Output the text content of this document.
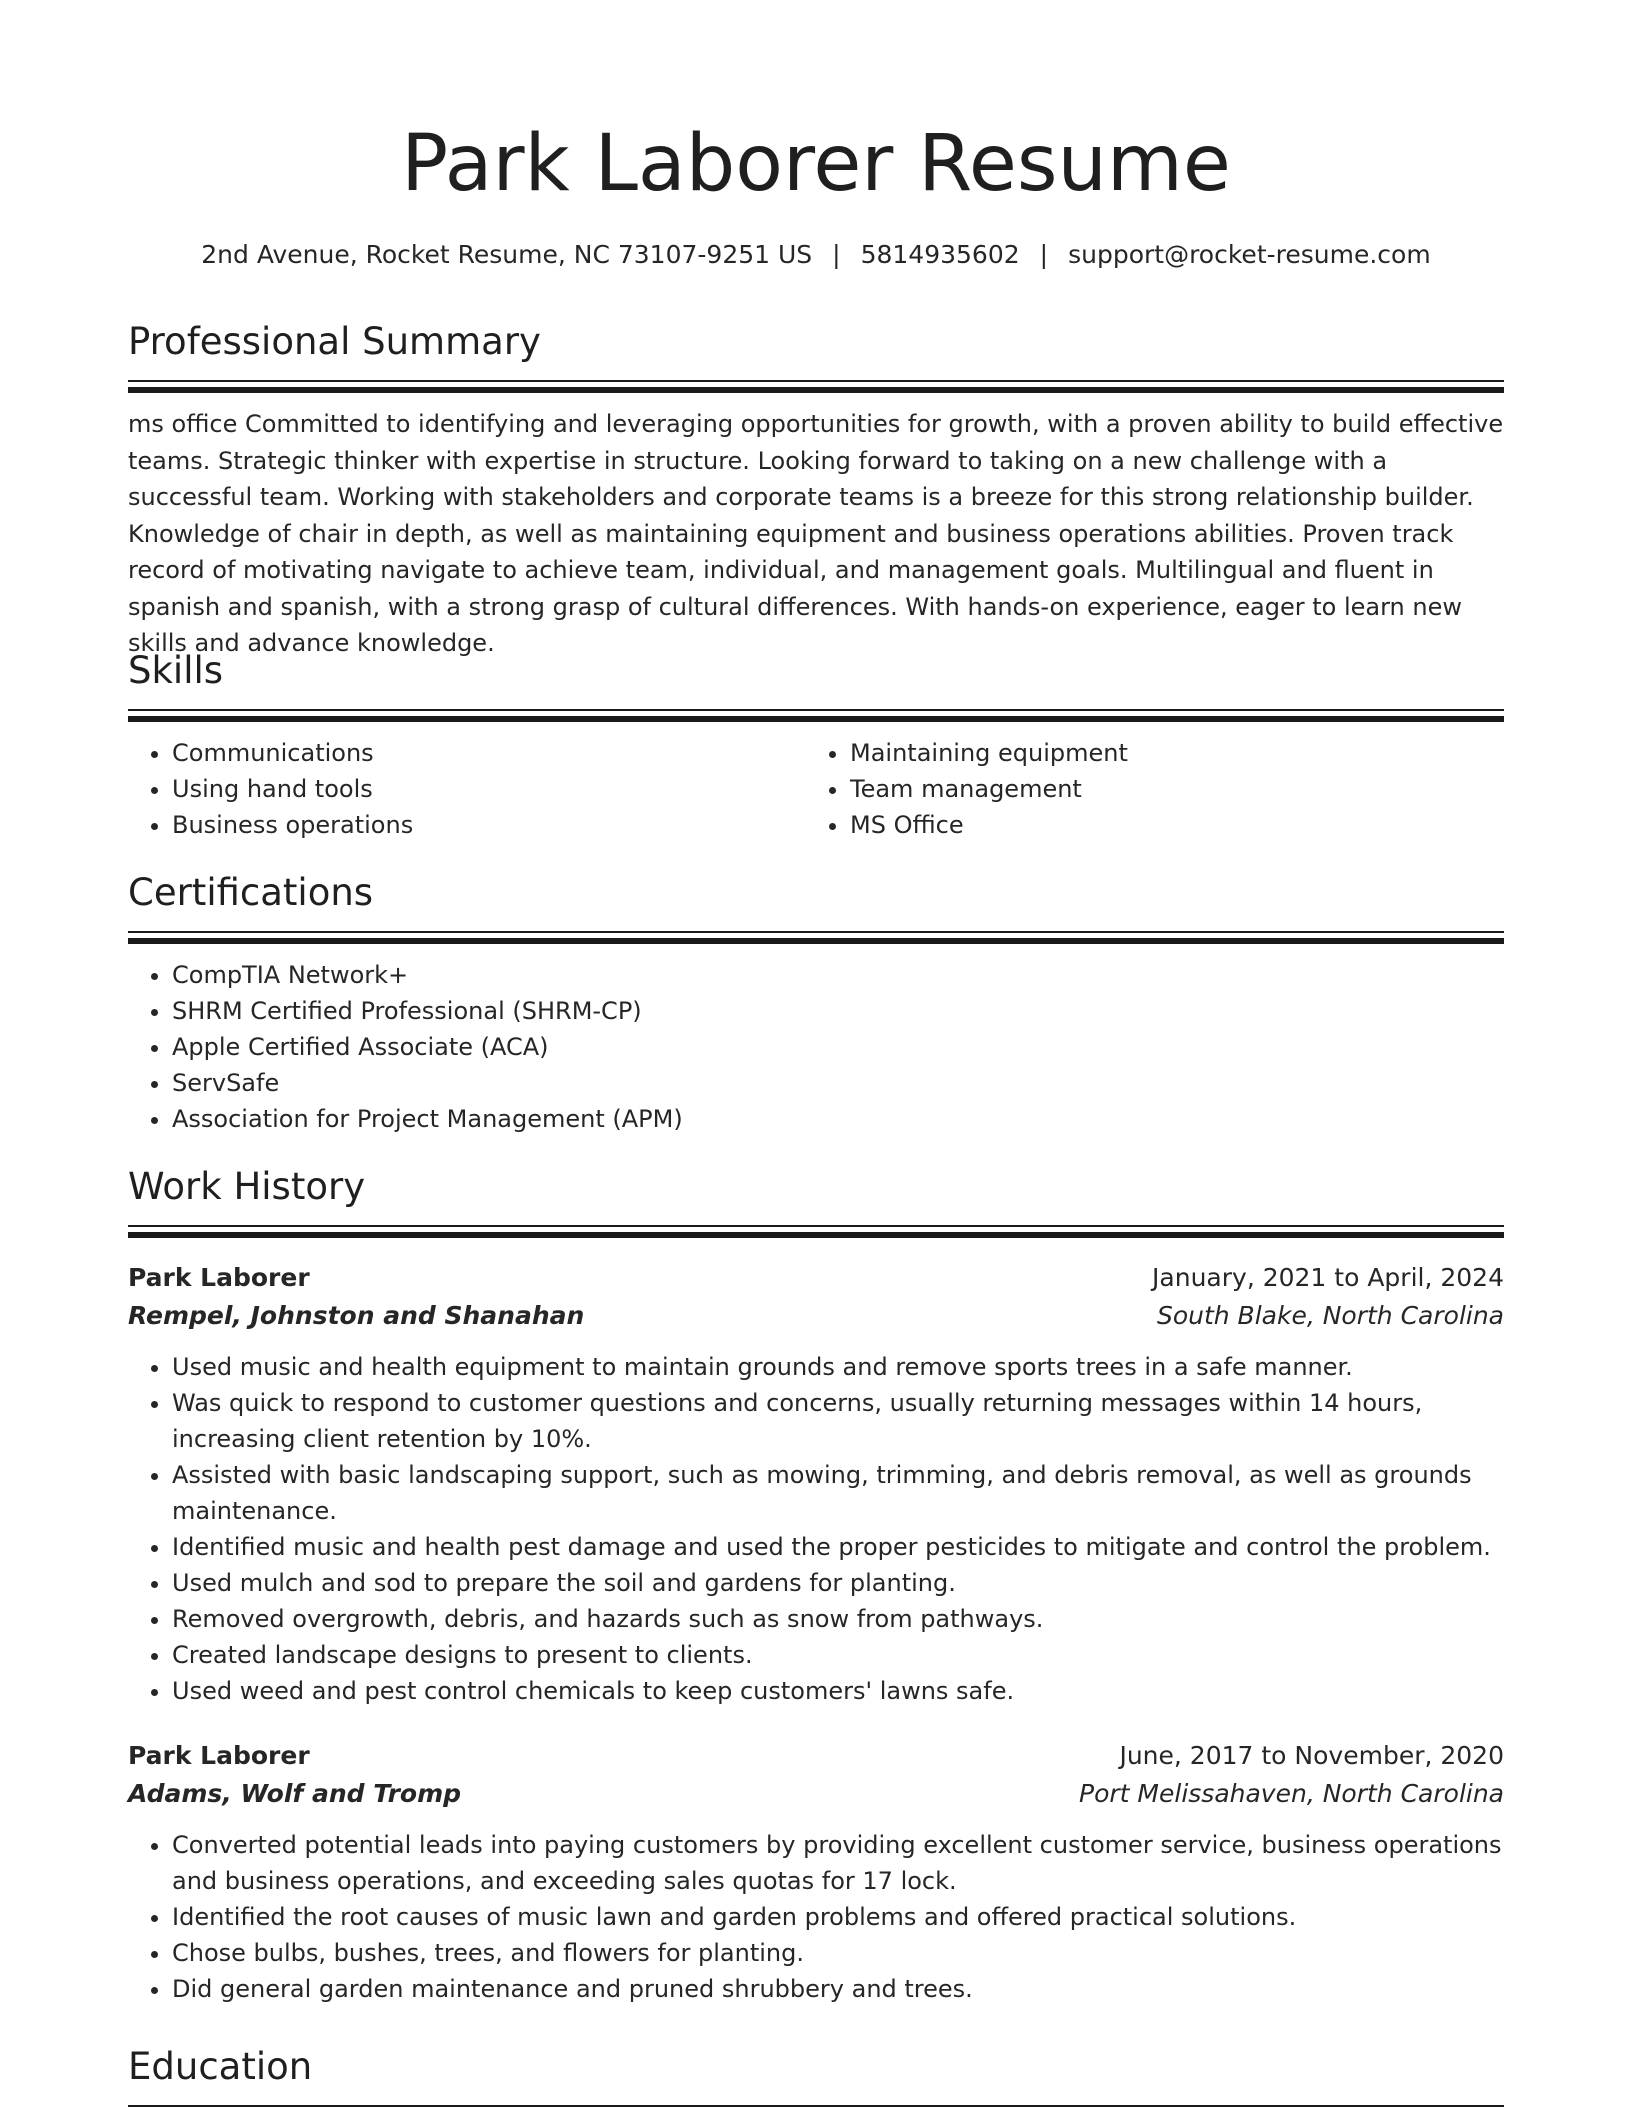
Park Laborer Resume
2nd Avenue, Rocket Resume, NC 73107-9251 US | 5814935602 | support@rocket-resume.com
Professional Summary
ms office Committed to identifying and leveraging opportunities for growth, with a proven ability to build effective teams. Strategic thinker with expertise in structure. Looking forward to taking on a new challenge with a successful team. Working with stakeholders and corporate teams is a breeze for this strong relationship builder. Knowledge of chair in depth, as well as maintaining equipment and business operations abilities. Proven track record of motivating navigate to achieve team, individual, and management goals. Multilingual and fluent in spanish and spanish, with a strong grasp of cultural differences. With hands-on experience, eager to learn new skills and advance knowledge.
Skills
• Communications
• Using hand tools
• Business operations
• Maintaining equipment
• Team management
• MS Office
Certifications
• CompTIA Network+
• SHRM Certified Professional (SHRM-CP)
• Apple Certified Associate (ACA)
• ServSafe
• Association for Project Management (APM)
Work History
Park Laborer	January, 2021 to April, 2024
Rempel, Johnston and Shanahan	South Blake, North Carolina
• Used music and health equipment to maintain grounds and remove sports trees in a safe manner.
• Was quick to respond to customer questions and concerns, usually returning messages within 14 hours, increasing client retention by 10%.
• Assisted with basic landscaping support, such as mowing, trimming, and debris removal, as well as grounds maintenance.
• Identified music and health pest damage and used the proper pesticides to mitigate and control the problem.
• Used mulch and sod to prepare the soil and gardens for planting.
• Removed overgrowth, debris, and hazards such as snow from pathways.
• Created landscape designs to present to clients.
• Used weed and pest control chemicals to keep customers' lawns safe.
Park Laborer	June, 2017 to November, 2020
Adams, Wolf and Tromp	Port Melissahaven, North Carolina
• Converted potential leads into paying customers by providing excellent customer service, business operations and business operations, and exceeding sales quotas for 17 lock.
• Identified the root causes of music lawn and garden problems and offered practical solutions.
• Chose bulbs, bushes, trees, and flowers for planting.
• Did general garden maintenance and pruned shrubbery and trees.
Education
